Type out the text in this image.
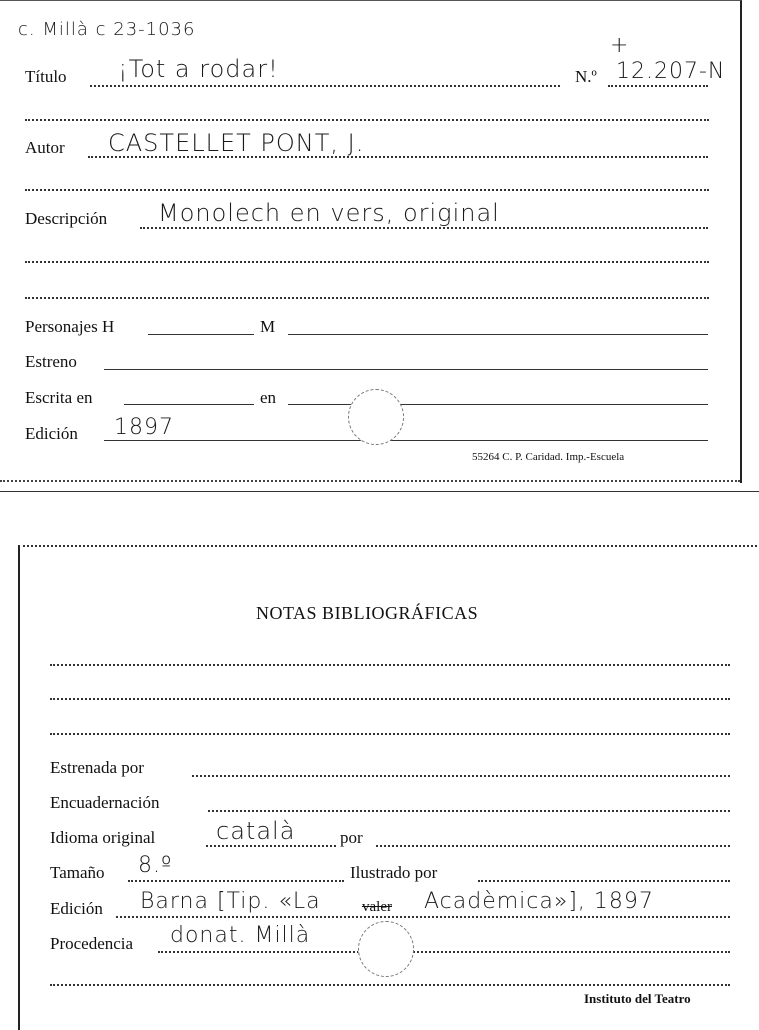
c. Millà c 23-1036
+
Título ¡Tot a rodar!	N.º 12.207-N
Autor CASTELLET PONT, J.
Descripción Monolech en vers, original
Personajes H	M
Estreno
Escrita en	en
Edición 1897
55264 C. P. Caridad. Imp.-Escuela
NOTAS BIBLIOGRÁFICAS
Estrenada por
Encuadernación
Idioma original	català	por
Tamaño 8.º	Ilustrado por
Edición Barna [Tip. «La	valer Acadèmica»], 1897
Procedencia donat. Millà
Instituto del Teatro
